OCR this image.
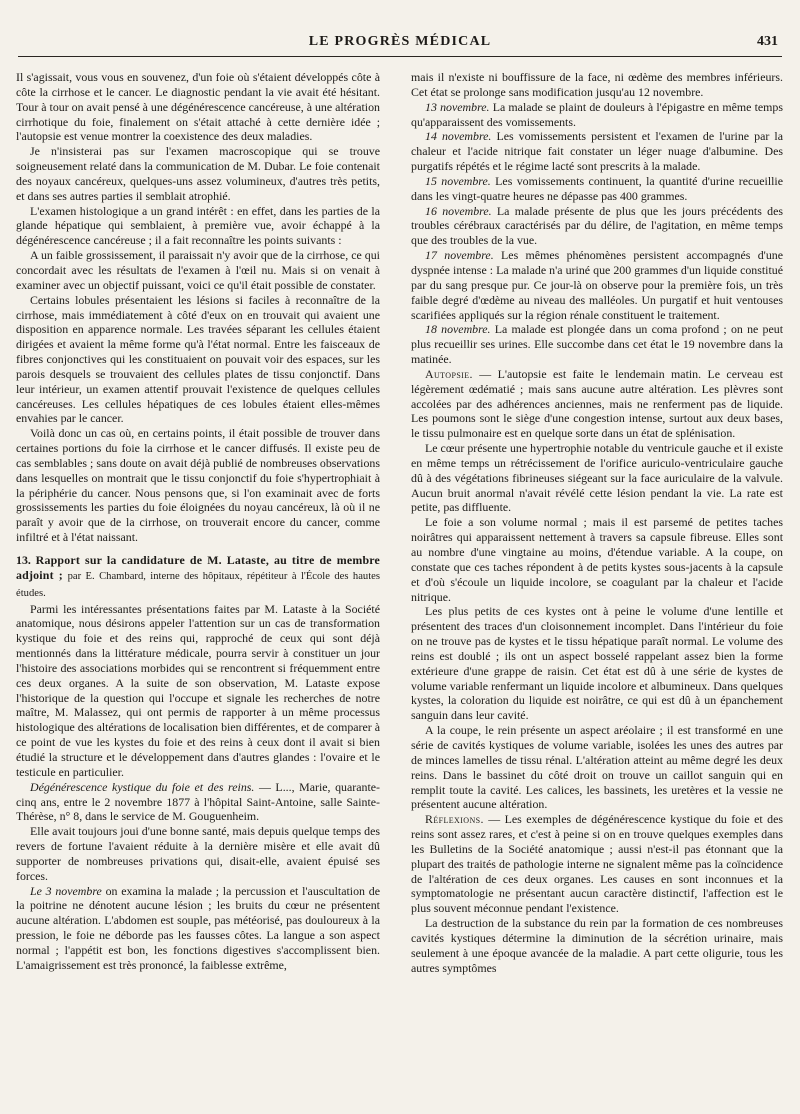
LE PROGRÈS MÉDICAL	431

Il s'agissait, vous vous en souvenez, d'un foie où s'étaient développés côte à côte la cirrhose et le cancer. Le diagnostic pendant la vie avait été hésitant. Tour à tour on avait pensé à une dégénérescence cancéreuse, à une altération cirrhotique du foie, finalement on s'était attaché à cette dernière idée ; l'autopsie est venue montrer la coexistence des deux maladies.

Je n'insisterai pas sur l'examen macroscopique qui se trouve soigneusement relaté dans la communication de M. Dubar. Le foie contenait des noyaux cancéreux, quelques-uns assez volumineux, d'autres très petits, et dans ses autres parties il semblait atrophié.

L'examen histologique a un grand intérêt : en effet, dans les parties de la glande hépatique qui semblaient, à première vue, avoir échappé à la dégénérescence cancéreuse ; il a fait reconnaître les points suivants :

A un faible grossissement, il paraissait n'y avoir que de la cirrhose, ce qui concordait avec les résultats de l'examen à l'œil nu. Mais si on venait à examiner avec un objectif puissant, voici ce qu'il était possible de constater.

Certains lobules présentaient les lésions si faciles à reconnaître de la cirrhose, mais immédiatement à côté d'eux on en trouvait qui avaient une disposition en apparence normale. Les travées séparant les cellules étaient dirigées et avaient la même forme qu'à l'état normal. Entre les faisceaux de fibres conjonctives qui les constituaient on pouvait voir des espaces, sur les parois desquels se trouvaient des cellules plates de tissu conjonctif. Dans leur intérieur, un examen attentif prouvait l'existence de quelques cellules cancéreuses. Les cellules hépatiques de ces lobules étaient elles-mêmes envahies par le cancer.

Voilà donc un cas où, en certains points, il était possible de trouver dans certaines portions du foie la cirrhose et le cancer diffusés. Il existe peu de cas semblables ; sans doute on avait déjà publié de nombreuses observations dans lesquelles on montrait que le tissu conjonctif du foie s'hypertrophiait à la périphérie du cancer. Nous pensons que, si l'on examinait avec de forts grossissements les parties du foie éloignées du noyau cancéreux, là où il ne paraît y avoir que de la cirrhose, on trouverait encore du cancer, comme infiltré et à l'état naissant.

13. Rapport sur la candidature de M. Lataste, au titre de membre adjoint ; par E. Chambard, interne des hôpitaux, répétiteur à l'École des hautes études.

Parmi les intéressantes présentations faites par M. Lataste à la Société anatomique, nous désirons appeler l'attention sur un cas de transformation kystique du foie et des reins qui, rapproché de ceux qui sont déjà mentionnés dans la littérature médicale, pourra servir à constituer un jour l'histoire des associations morbides qui se rencontrent si fréquemment entre ces deux organes. A la suite de son observation, M. Lataste expose l'historique de la question qui l'occupe et signale les recherches de notre maître, M. Malassez, qui ont permis de rapporter à un même processus histologique des altérations de localisation bien différentes, et de comparer à ce point de vue les kystes du foie et des reins à ceux dont il avait si bien étudié la structure et le développement dans d'autres glandes : l'ovaire et le testicule en particulier.

Dégénérescence kystique du foie et des reins. — L..., Marie, quarante-cinq ans, entre le 2 novembre 1877 à l'hôpital Saint-Antoine, salle Sainte-Thérèse, n° 8, dans le service de M. Gouguenheim.

Elle avait toujours joui d'une bonne santé, mais depuis quelque temps des revers de fortune l'avaient réduite à la dernière misère et elle avait dû supporter de nombreuses privations qui, disait-elle, avaient épuisé ses forces.

Le 3 novembre on examina la malade ; la percussion et l'auscultation de la poitrine ne dénotent aucune lésion ; les bruits du cœur ne présentent aucune altération. L'abdomen est souple, pas météorisé, pas douloureux à la pression, le foie ne déborde pas les fausses côtes. La langue a son aspect normal ; l'appétit est bon, les fonctions digestives s'accomplissent bien. L'amaigrissement est très prononcé, la faiblesse extrême,

mais il n'existe ni bouffissure de la face, ni œdème des membres inférieurs. Cet état se prolonge sans modification jusqu'au 12 novembre.

13 novembre. La malade se plaint de douleurs à l'épigastre en même temps qu'apparaissent des vomissements.

14 novembre. Les vomissements persistent et l'examen de l'urine par la chaleur et l'acide nitrique fait constater un léger nuage d'albumine. Des purgatifs répétés et le régime lacté sont prescrits à la malade.

15 novembre. Les vomissements continuent, la quantité d'urine recueillie dans les vingt-quatre heures ne dépasse pas 400 grammes.

16 novembre. La malade présente de plus que les jours précédents des troubles cérébraux caractérisés par du délire, de l'agitation, en même temps que des troubles de la vue.

17 novembre. Les mêmes phénomènes persistent accompagnés d'une dyspnée intense : La malade n'a uriné que 200 grammes d'un liquide constitué par du sang presque pur. Ce jour-là on observe pour la première fois, un très faible degré d'œdème au niveau des malléoles. Un purgatif et huit ventouses scarifiées appliqués sur la région rénale constituent le traitement.

18 novembre. La malade est plongée dans un coma profond ; on ne peut plus recueillir ses urines. Elle succombe dans cet état le 19 novembre dans la matinée.

Autopsie. — L'autopsie est faite le lendemain matin. Le cerveau est légèrement œdématié ; mais sans aucune autre altération. Les plèvres sont accolées par des adhérences anciennes, mais ne renferment pas de liquide. Les poumons sont le siège d'une congestion intense, surtout aux deux bases, le tissu pulmonaire est en quelque sorte dans un état de splénisation.

Le cœur présente une hypertrophie notable du ventricule gauche et il existe en même temps un rétrécissement de l'orifice auriculo-ventriculaire gauche dû à des végétations fibrineuses siégeant sur la face auriculaire de la valvule. Aucun bruit anormal n'avait révélé cette lésion pendant la vie. La rate est petite, pas diffluente.

Le foie a son volume normal ; mais il est parsemé de petites taches noirâtres qui apparaissent nettement à travers sa capsule fibreuse. Elles sont au nombre d'une vingtaine au moins, d'étendue variable. A la coupe, on constate que ces taches répondent à de petits kystes sous-jacents à la capsule et d'où s'écoule un liquide incolore, se coagulant par la chaleur et l'acide nitrique.

Les plus petits de ces kystes ont à peine le volume d'une lentille et présentent des traces d'un cloisonnement incomplet. Dans l'intérieur du foie on ne trouve pas de kystes et le tissu hépatique paraît normal. Le volume des reins est doublé ; ils ont un aspect bosselé rappelant assez bien la forme extérieure d'une grappe de raisin. Cet état est dû à une série de kystes de volume variable renfermant un liquide incolore et albumineux. Dans quelques kystes, la coloration du liquide est noirâtre, ce qui est dû à un épanchement sanguin dans leur cavité.

A la coupe, le rein présente un aspect aréolaire ; il est transformé en une série de cavités kystiques de volume variable, isolées les unes des autres par de minces lamelles de tissu rénal. L'altération atteint au même degré les deux reins. Dans le bassinet du côté droit on trouve un caillot sanguin qui en remplit toute la cavité. Les calices, les bassinets, les uretères et la vessie ne présentent aucune altération.

Réflexions. — Les exemples de dégénérescence kystique du foie et des reins sont assez rares, et c'est à peine si on en trouve quelques exemples dans les Bulletins de la Société anatomique ; aussi n'est-il pas étonnant que la plupart des traités de pathologie interne ne signalent même pas la coïncidence de l'altération de ces deux organes. Les causes en sont inconnues et la symptomatologie ne présentant aucun caractère distinctif, l'affection est le plus souvent méconnue pendant l'existence.

La destruction de la substance du rein par la formation de ces nombreuses cavités kystiques détermine la diminution de la sécrétion urinaire, mais seulement à une époque avancée de la maladie. A part cette oligurie, tous les autres symptômes
